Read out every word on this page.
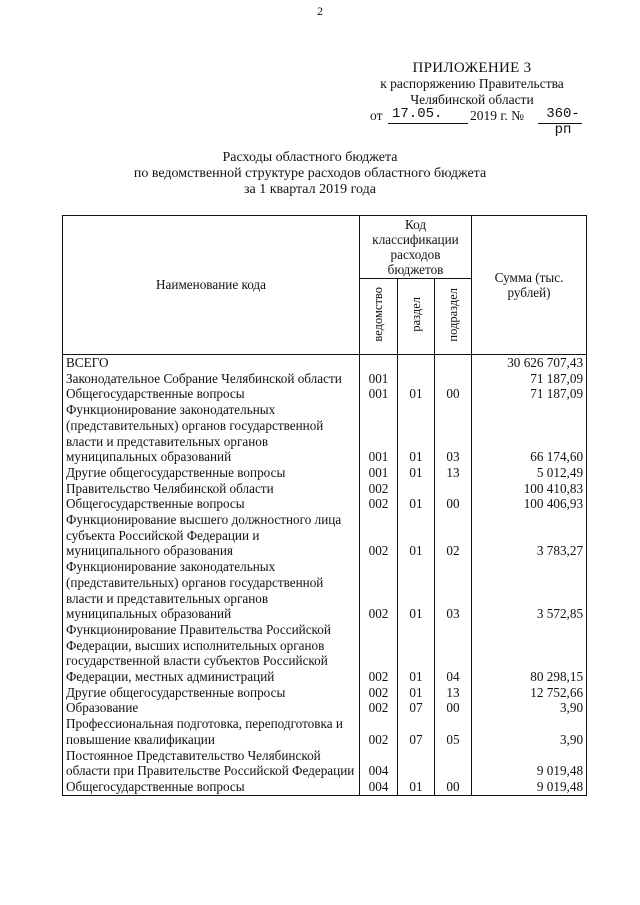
2
ПРИЛОЖЕНИЕ 3
к распоряжению Правительства
Челябинской области
от 17.05. 2019 г. №	360-рп
Расходы областного бюджета
по ведомственной структуре расходов областного бюджета
за 1 квартал 2019 года
Наименование кода	Код классификации расходов бюджетов			Сумма (тыс. рублей)
	ведомство	раздел	подраздел	
ВСЕГО				30 626 707,43
Законодательное Собрание Челябинской области	001			71 187,09
Общегосударственные вопросы	001	01	00	71 187,09
Функционирование законодательных (представительных) органов государственной власти и представительных органов муниципальных образований	001	01	03	66 174,60
Другие общегосударственные вопросы	001	01	13	5 012,49
Правительство Челябинской области	002			100 410,83
Общегосударственные вопросы	002	01	00	100 406,93
Функционирование высшего должностного лица субъекта Российской Федерации и муниципального образования	002	01	02	3 783,27
Функционирование законодательных (представительных) органов государственной власти и представительных органов муниципальных образований	002	01	03	3 572,85
Функционирование Правительства Российской Федерации, высших исполнительных органов государственной власти субъектов Российской Федерации, местных администраций	002	01	04	80 298,15
Другие общегосударственные вопросы	002	01	13	12 752,66
Образование	002	07	00	3,90
Профессиональная подготовка, переподготовка и повышение квалификации	002	07	05	3,90
Постоянное Представительство Челябинской области при Правительстве Российской Федерации	004			9 019,48
Общегосударственные вопросы	004	01	00	9 019,48
